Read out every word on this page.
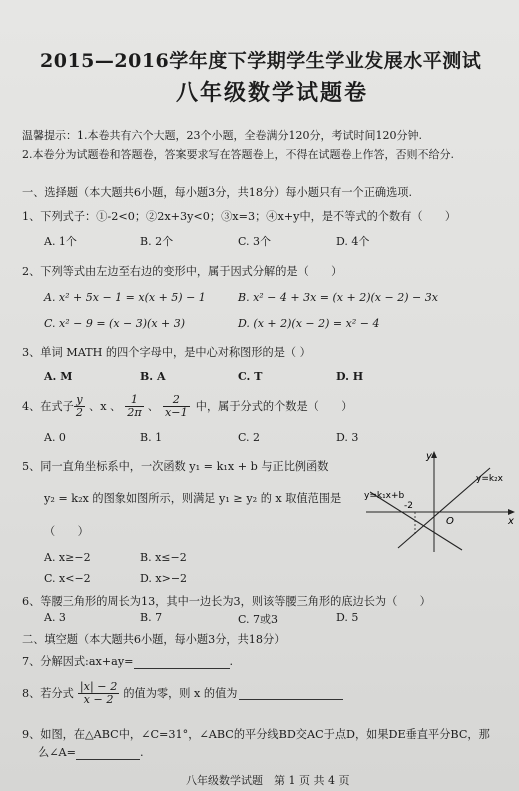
2015—2016学年度下学期学生学业发展水平测试
八年级数学试题卷
温馨提示：1.本卷共有六个大题，23个小题，全卷满分120分，考试时间120分钟.
2.本卷分为试题卷和答题卷，答案要求写在答题卷上，不得在试题卷上作答，否则不给分.
一、选择题（本大题共6小题，每小题3分，共18分）每小题只有一个正确选项.
1、下列式子：①-2<0；②2x+3y<0；③x=3；④x+y中，是不等式的个数有（　　）
A. 1个	B. 2个	C. 3个	D. 4个
2、下列等式由左边至右边的变形中，属于因式分解的是（　　）
A. x² + 5x − 1 = x(x + 5) − 1	B. x² − 4 + 3x = (x + 2)(x − 2) − 3x
C. x² − 9 = (x − 3)(x + 3)	D. (x + 2)(x − 2) = x² − 4
3、单词 MATH 的四个字母中，是中心对称图形的是（ ）
A. M	B. A	C. T	D. H
4、在式子 $\frac{y}{2}$ 、x 、 $\frac{1}{2\pi}$ 、 $\frac{2}{x-1}$ 中，属于分式的个数是（　　）
A. 0	B. 1	C. 2	D. 3
5、同一直角坐标系中，一次函数 y₁ = k₁x + b 与正比例函数
y₂ = k₂x 的图象如图所示，则满足 y₁ ≥ y₂ 的 x 取值范围是
（　　）
A. x≥−2	B. x≤−2
C. x<−2	D. x>−2
y
x
O
-2
y=k₁x+b
y=k₂x
6、等腰三角形的周长为13，其中一边长为3，则该等腰三角形的底边长为（　　）
A. 3	B. 7	C. 7或3	D. 5
二、填空题（本大题共6小题，每小题3分，共18分）
7、分解因式:ax+ay=	.
8、若分式 $\frac{|x| - 2}{x - 2}$ 的值为零，则 x 的值为

9、如图，在△ABC中，∠C=31°，∠ABC的平分线BD交AC于点D，如果DE垂直平分BC，那
么∠A=	.
八年级数学试题　第 1 页 共 4 页
